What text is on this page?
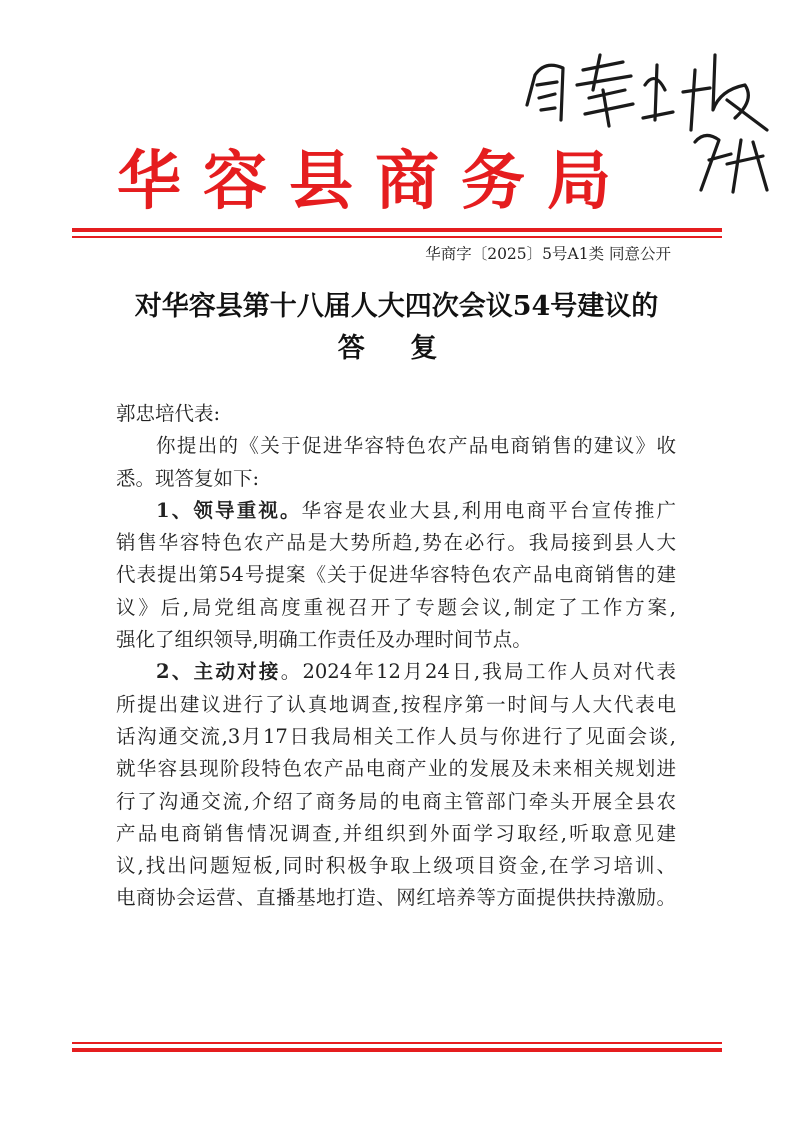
华容县商务局
华商字〔2025〕5号A1类 同意公开
对华容县第十八届人大四次会议54号建议的
答 复
郭忠培代表:
你提出的《关于促进华容特色农产品电商销售的建议》收
悉。现答复如下:
1、领导重视。华容是农业大县,利用电商平台宣传推广
销售华容特色农产品是大势所趋,势在必行。我局接到县人大
代表提出第54号提案《关于促进华容特色农产品电商销售的建
议》后,局党组高度重视召开了专题会议,制定了工作方案,
强化了组织领导,明确工作责任及办理时间节点。
2、主动对接。2024年12月24日,我局工作人员对代表
所提出建议进行了认真地调查,按程序第一时间与人大代表电
话沟通交流,3月17日我局相关工作人员与你进行了见面会谈,
就华容县现阶段特色农产品电商产业的发展及未来相关规划进
行了沟通交流,介绍了商务局的电商主管部门牵头开展全县农
产品电商销售情况调查,并组织到外面学习取经,听取意见建
议,找出问题短板,同时积极争取上级项目资金,在学习培训、
电商协会运营、直播基地打造、网红培养等方面提供扶持激励。
